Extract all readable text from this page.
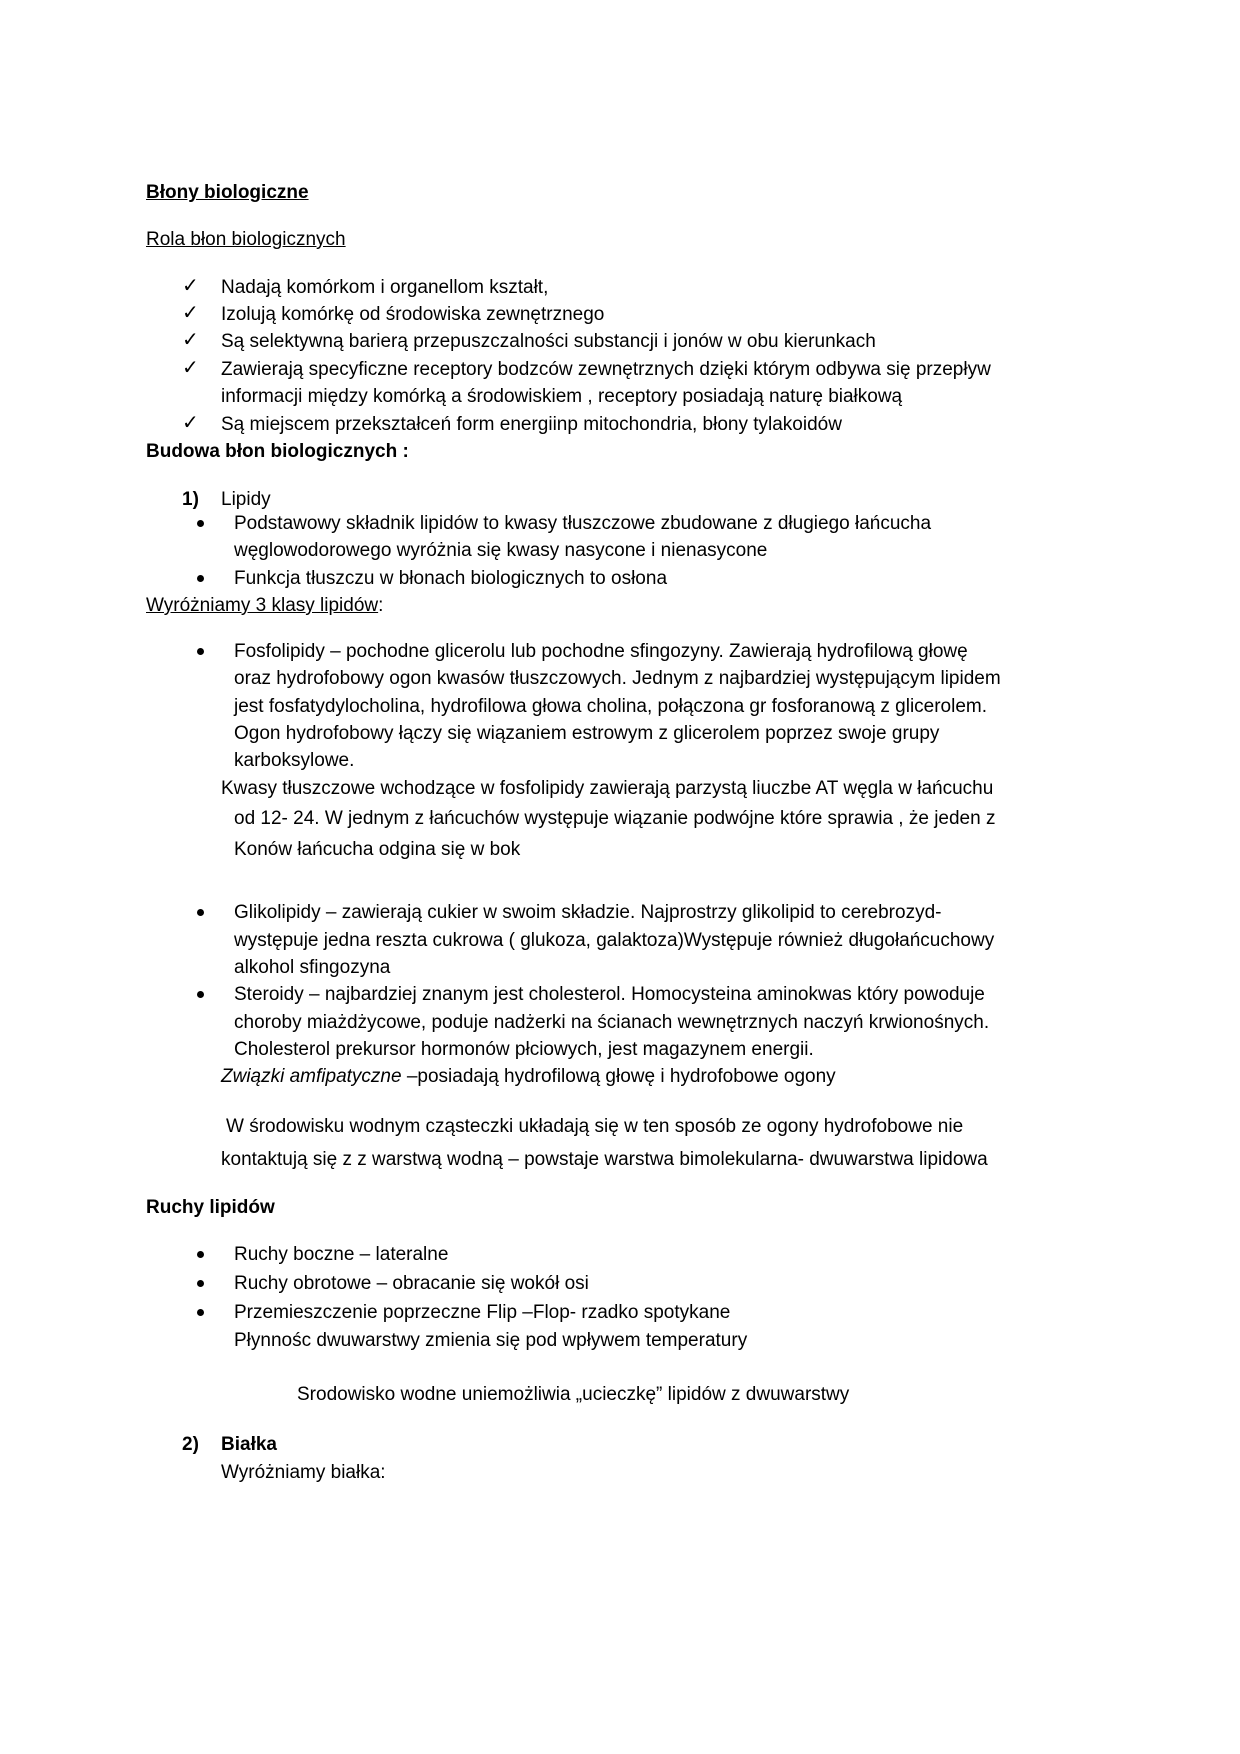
Błony biologiczne
Rola błon biologicznych
✓ Nadają komórkom i organellom kształt,
✓ Izolują komórkę od środowiska zewnętrznego
✓ Są selektywną barierą przepuszczalności substancji i jonów w obu kierunkach
✓ Zawierają specyficzne receptory bodzców zewnętrznych dzięki którym odbywa się przepływ
informacji między komórką a środowiskiem , receptory posiadają naturę białkową
✓ Są miejscem przekształceń form energiinp mitochondria, błony tylakoidów
Budowa błon biologicznych :
1) Lipidy
Podstawowy składnik lipidów to kwasy tłuszczowe zbudowane z długiego łańcucha
węglowodorowego wyróżnia się kwasy nasycone i nienasycone
Funkcja tłuszczu w błonach biologicznych to osłona
Wyróżniamy 3 klasy lipidów:
Fosfolipidy – pochodne glicerolu lub pochodne sfingozyny. Zawierają hydrofilową głowę
oraz hydrofobowy ogon kwasów tłuszczowych. Jednym z najbardziej występującym lipidem
jest fosfatydylocholina, hydrofilowa głowa cholina, połączona gr fosforanową z glicerolem.
Ogon hydrofobowy łączy się wiązaniem estrowym z glicerolem poprzez swoje grupy
karboksylowe.
Kwasy tłuszczowe wchodzące w fosfolipidy zawierają parzystą liuczbe AT węgla w łańcuchu
od 12- 24. W jednym z łańcuchów występuje wiązanie podwójne które sprawia , że jeden z
Konów łańcucha odgina się w bok
Glikolipidy – zawierają cukier w swoim składzie. Najprostrzy glikolipid to cerebrozyd-
występuje jedna reszta cukrowa ( glukoza, galaktoza)Występuje również długołańcuchowy
alkohol sfingozyna
Steroidy – najbardziej znanym jest cholesterol. Homocysteina aminokwas który powoduje
choroby miażdżycowe, poduje nadżerki na ścianach wewnętrznych naczyń krwionośnych.
Cholesterol prekursor hormonów płciowych, jest magazynem energii.
Związki amfipatyczne –posiadają hydrofilową głowę i hydrofobowe ogony
W środowisku wodnym cząsteczki układają się w ten sposób ze ogony hydrofobowe nie
kontaktują się z z warstwą wodną – powstaje warstwa bimolekularna- dwuwarstwa lipidowa
Ruchy lipidów
Ruchy boczne – lateralne
Ruchy obrotowe – obracanie się wokół osi
Przemieszczenie poprzeczne Flip –Flop- rzadko spotykane
Płynnośc dwuwarstwy zmienia się pod wpływem temperatury
Srodowisko wodne uniemożliwia „ucieczkę” lipidów z dwuwarstwy
2) Białka
Wyróżniamy białka:
